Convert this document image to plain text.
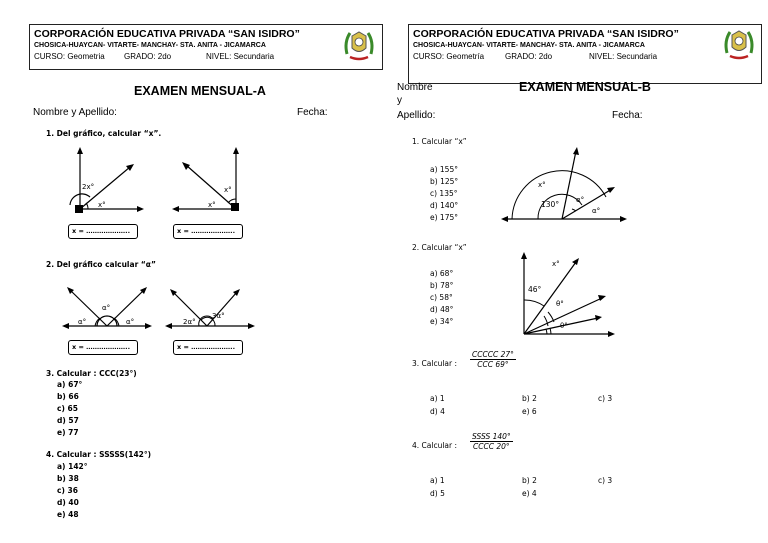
CORPORACIÓN EDUCATIVA PRIVADA “SAN ISIDRO”
CHOSICA-HUAYCAN- VITARTE- MANCHAY- STA. ANITA - JICAMARCA
CURSO: Geometria GRADO: 2do	NIVEL: Secundaria
EXAMEN MENSUAL-A
Nombre y Apellido:	Fecha:
1. Del gráfico, calcular “x”.
2x°
x°
x = ………………..
x°
x°
x = ………………..
2. Del gráfico calcular “α”
α°
α°	α°
x = ………………..
2α°
3α°
x = ………………..
3. Calcular : CCC(23°)
a) 67°
b) 66
c) 65
d) 57
e) 77
4. Calcular : SSSSS(142°)
a) 142°
b) 38
c) 36
d) 40
e) 48
CORPORACIÓN EDUCATIVA PRIVADA “SAN ISIDRO”
CHOSICA-HUAYCAN- VITARTE- MANCHAY- STA. ANITA - JICAMARCA
CURSO: Geometría	GRADO: 2do	NIVEL: Secundaria
Nombre	EXAMEN MENSUAL-B
y
Apellido:	Fecha:
1. Calcular “x”
a) 155°
b) 125°
c) 135°
d) 140°
e) 175°
x°
130° α°
α°
2. Calcular “x”
a) 68°
b) 78°
c) 58°
d) 48°
e) 34°
x°
46°
θ°
θ°
3. Calcular :
CCCCC 27°
CCC 69°
a) 1	b) 2	c) 3
d) 4	e) 6
4. Calcular :
SSSS 140°
CCCC 20°
a) 1	b) 2	c) 3
d) 5	e) 4
